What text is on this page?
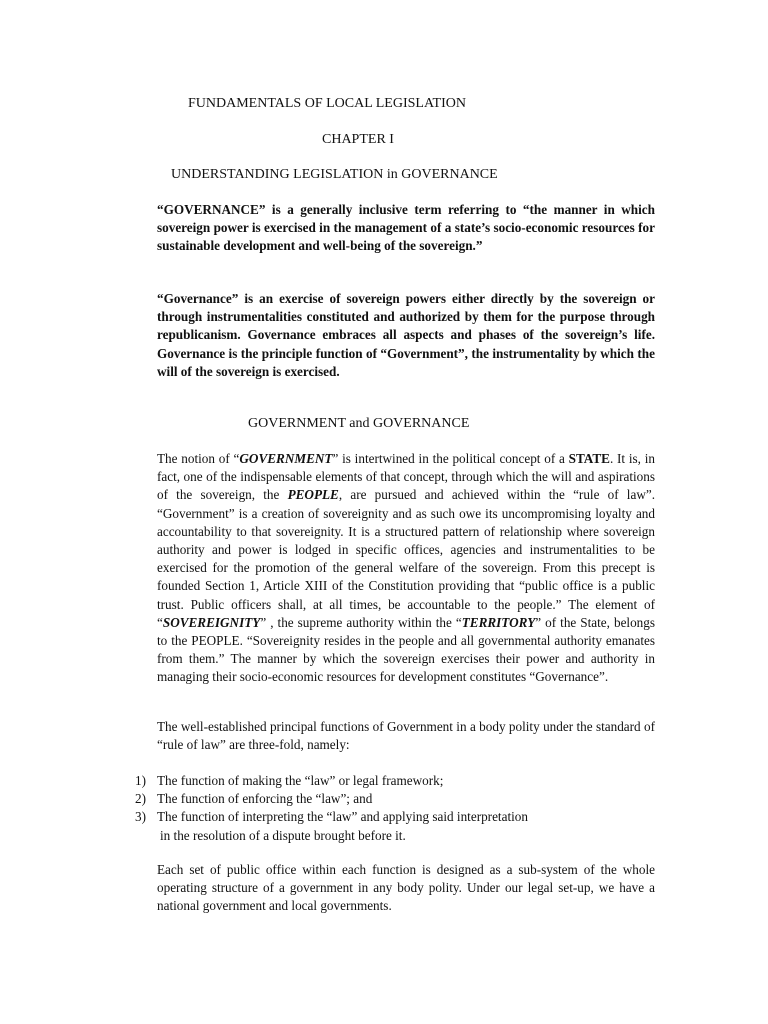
FUNDAMENTALS OF LOCAL LEGISLATION
CHAPTER I
UNDERSTANDING LEGISLATION in GOVERNANCE
“GOVERNANCE” is a generally inclusive term referring to “the manner in which sovereign power is exercised in the management of a state’s socio-economic resources for sustainable development and well-being of the sovereign.”
“Governance” is an exercise of sovereign powers either directly by the sovereign or through instrumentalities constituted and authorized by them for the purpose through republicanism. Governance embraces all aspects and phases of the sovereign’s life. Governance is the principle function of “Government”, the instrumentality by which the will of the sovereign is exercised.
GOVERNMENT and GOVERNANCE
The notion of “GOVERNMENT” is intertwined in the political concept of a STATE. It is, in fact, one of the indispensable elements of that concept, through which the will and aspirations of the sovereign, the PEOPLE, are pursued and achieved within the “rule of law”. “Government” is a creation of sovereignity and as such owe its uncompromising loyalty and accountability to that sovereignity. It is a structured pattern of relationship where sovereign authority and power is lodged in specific offices, agencies and instrumentalities to be exercised for the promotion of the general welfare of the sovereign. From this precept is founded Section 1, Article XIII of the Constitution providing that “public office is a public trust. Public officers shall, at all times, be accountable to the people.” The element of “SOVEREIGNITY” , the supreme authority within the “TERRITORY” of the State, belongs to the PEOPLE. “Sovereignity resides in the people and all governmental authority emanates from them.” The manner by which the sovereign exercises their power and authority in managing their socio-economic resources for development constitutes “Governance”.
The well-established principal functions of Government in a body polity under the standard of “rule of law” are three-fold, namely:
1) The function of making the “law” or legal framework;
2) The function of enforcing the “law”; and
3) The function of interpreting the “law” and applying said interpretation
in the resolution of a dispute brought before it.
Each set of public office within each function is designed as a sub-system of the whole operating structure of a government in any body polity. Under our legal set-up, we have a national government and local governments.
